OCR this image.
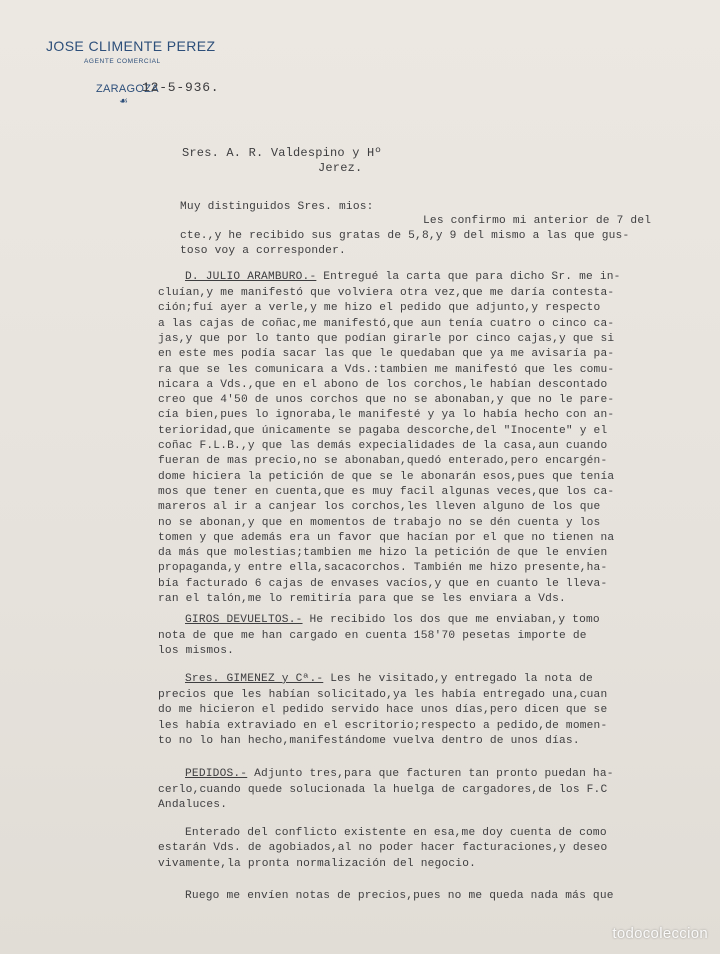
JOSE CLIMENTE PEREZ
AGENTE COMERCIAL
ZARAGOZA
☙
12-5-936.
Sres. A. R. Valdespino y Hº
Jerez.
Muy distinguidos Sres. mios:
Les confirmo mi anterior de 7 del
cte.,y he recibido sus gratas de 5,8,y 9 del mismo a las que gus-
toso voy a corresponder.
D. JULIO ARAMBURO.- Entregué la carta que para dicho Sr. me in-
cluían,y me manifestó que volviera otra vez,que me daría contesta-
ción;fuí ayer a verle,y me hizo el pedido que adjunto,y respecto
a las cajas de coñac,me manifestó,que aun tenía cuatro o cinco ca-
jas,y que por lo tanto que podían girarle por cinco cajas,y que si
en este mes podía sacar las que le quedaban que ya me avisaría pa-
ra que se les comunicara a Vds.:tambien me manifestó que les comu-
nicara a Vds.,que en el abono de los corchos,le habían descontado
creo que 4'50 de unos corchos que no se abonaban,y que no le pare-
cía bien,pues lo ignoraba,le manifesté y ya lo había hecho con an-
terioridad,que únicamente se pagaba descorche,del "Inocente" y el
coñac F.L.B.,y que las demás expecialidades de la casa,aun cuando
fueran de mas precio,no se abonaban,quedó enterado,pero encargén-
dome hiciera la petición de que se le abonarán esos,pues que tenía
mos que tener en cuenta,que es muy facil algunas veces,que los ca-
mareros al ir a canjear los corchos,les lleven alguno de los que
no se abonan,y que en momentos de trabajo no se dén cuenta y los
tomen y que además era un favor que hacían por el que no tienen na
da más que molestias;tambien me hizo la petición de que le envíen
propaganda,y entre ella,sacacorchos. También me hizo presente,ha-
bía facturado 6 cajas de envases vacíos,y que en cuanto le lleva-
ran el talón,me lo remitiría para que se les enviara a Vds.
GIROS DEVUELTOS.- He recibido los dos que me enviaban,y tomo
nota de que me han cargado en cuenta 158'70 pesetas importe de
los mismos.
Sres. GIMENEZ y Cª.- Les he visitado,y entregado la nota de
precios que les habían solicitado,ya les había entregado una,cuan
do me hicieron el pedido servido hace unos días,pero dicen que se
les había extraviado en el escritorio;respecto a pedido,de momen-
to no lo han hecho,manifestándome vuelva dentro de unos días.
PEDIDOS.- Adjunto tres,para que facturen tan pronto puedan ha-
cerlo,cuando quede solucionada la huelga de cargadores,de los F.C
Andaluces.
Enterado del conflicto existente en esa,me doy cuenta de como
estarán Vds. de agobiados,al no poder hacer facturaciones,y deseo
vivamente,la pronta normalización del negocio.
Ruego me envíen notas de precios,pues no me queda nada más que
todocoleccion
